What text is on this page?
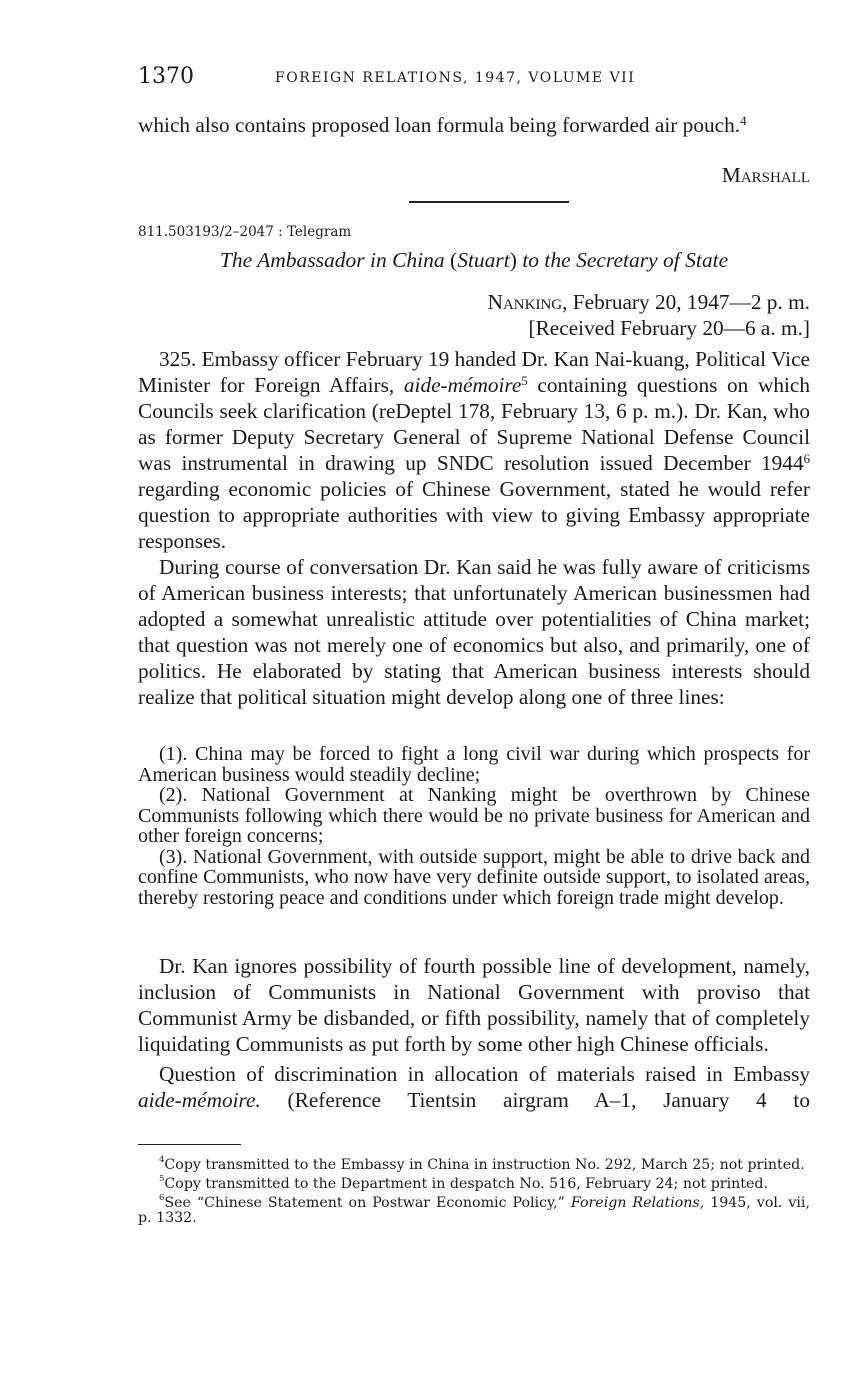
1370	FOREIGN RELATIONS, 1947, VOLUME VII

which also contains proposed loan formula being forwarded air pouch.$^4$

Marshall
811.503193/2–2047 : Telegram
The Ambassador in China (Stuart) to the Secretary of State
Nanking, February 20, 1947—2 p. m.
[Received February 20—6 a. m.]

325. Embassy officer February 19 handed Dr. Kan Nai-kuang, Political Vice Minister for Foreign Affairs, aide-mémoire$^5$ containing questions on which Councils seek clarification (reDeptel 178, February 13, 6 p. m.). Dr. Kan, who as former Deputy Secretary General of Supreme National Defense Council was instrumental in drawing up SNDC resolution issued December 1944$^6$ regarding economic policies of Chinese Government, stated he would refer question to appropriate authorities with view to giving Embassy appropriate responses.

During course of conversation Dr. Kan said he was fully aware of criticisms of American business interests; that unfortunately American businessmen had adopted a somewhat unrealistic attitude over potentialities of China market; that question was not merely one of economics but also, and primarily, one of politics. He elaborated by stating that American business interests should realize that political situation might develop along one of three lines:

(1). China may be forced to fight a long civil war during which prospects for American business would steadily decline;

(2). National Government at Nanking might be overthrown by Chinese Communists following which there would be no private business for American and other foreign concerns;

(3). National Government, with outside support, might be able to drive back and confine Communists, who now have very definite outside support, to isolated areas, thereby restoring peace and conditions under which foreign trade might develop.

Dr. Kan ignores possibility of fourth possible line of development, namely, inclusion of Communists in National Government with proviso that Communist Army be disbanded, or fifth possibility, namely that of completely liquidating Communists as put forth by some other high Chinese officials.

Question of discrimination in allocation of materials raised in Embassy aide-mémoire. (Reference Tientsin airgram A–1, January 4 to

$^4$Copy transmitted to the Embassy in China in instruction No. 292, March 25; not printed.

$^5$Copy transmitted to the Department in despatch No. 516, February 24; not printed.

$^6$See “Chinese Statement on Postwar Economic Policy,” Foreign Relations, 1945, vol. vii, p. 1332.
